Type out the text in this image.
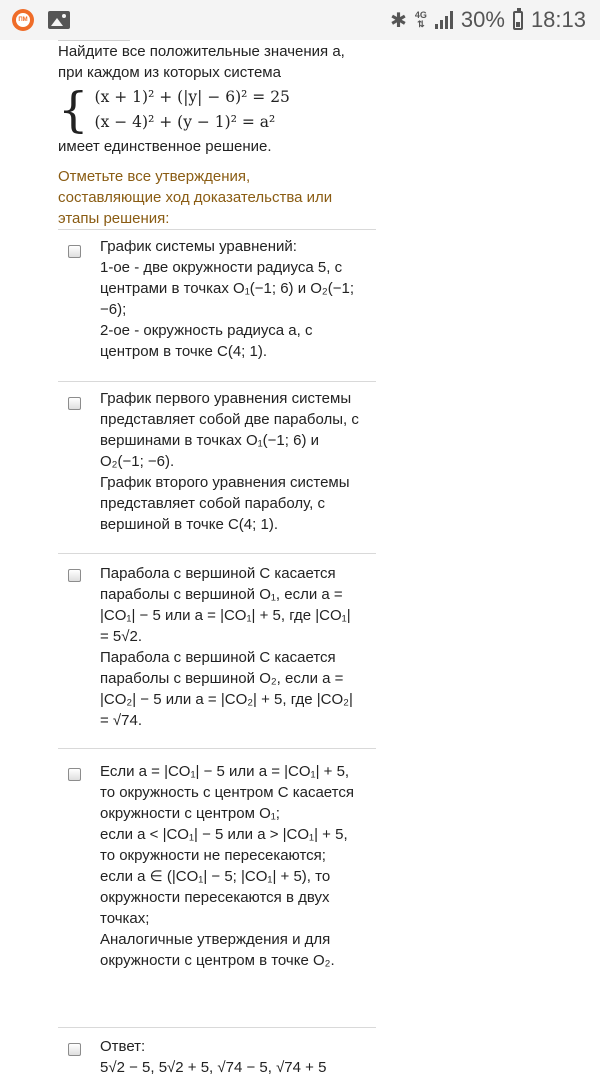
ПМ	✱ 4G
⇅ 30% 18:13
Найдите все положительные значения a,
при каждом из которых система
{ (x + 1)² + (|y| − 6)² = 25
(x − 4)² + (y − 1)² = a²
имеет единственное решение.
Отметьте все утверждения, составляющие ход доказательства или этапы решения:
График системы уравнений:
1-ое - две окружности радиуса 5, с центрами в точках O₁(−1; 6) и O₂(−1; −6);
2-ое - окружность радиуса a, с центром в точке C(4; 1).
График первого уравнения системы представляет собой две параболы, с вершинами в точках O₁(−1; 6) и O₂(−1; −6).
График второго уравнения системы представляет собой параболу, с вершиной в точке C(4; 1).
Парабола с вершиной C касается параболы с вершиной O₁, если a = |CO₁| − 5 или a = |CO₁| + 5, где |CO₁| = 5√2.
Парабола с вершиной C касается параболы с вершиной O₂, если a = |CO₂| − 5 или a = |CO₂| + 5, где |CO₂| = √74.
Если a = |CO₁| − 5 или a = |CO₁| + 5, то окружность с центром C касается окружности с центром O₁;
если a < |CO₁| − 5 или a > |CO₁| + 5, то окружности не пересекаются;
если a ∈ (|CO₁| − 5; |CO₁| + 5), то окружности пересекаются в двух точках;
Аналогичные утверждения и для окружности с центром в точке O₂.
Ответ:
5√2 − 5, 5√2 + 5, √74 − 5, √74 + 5
